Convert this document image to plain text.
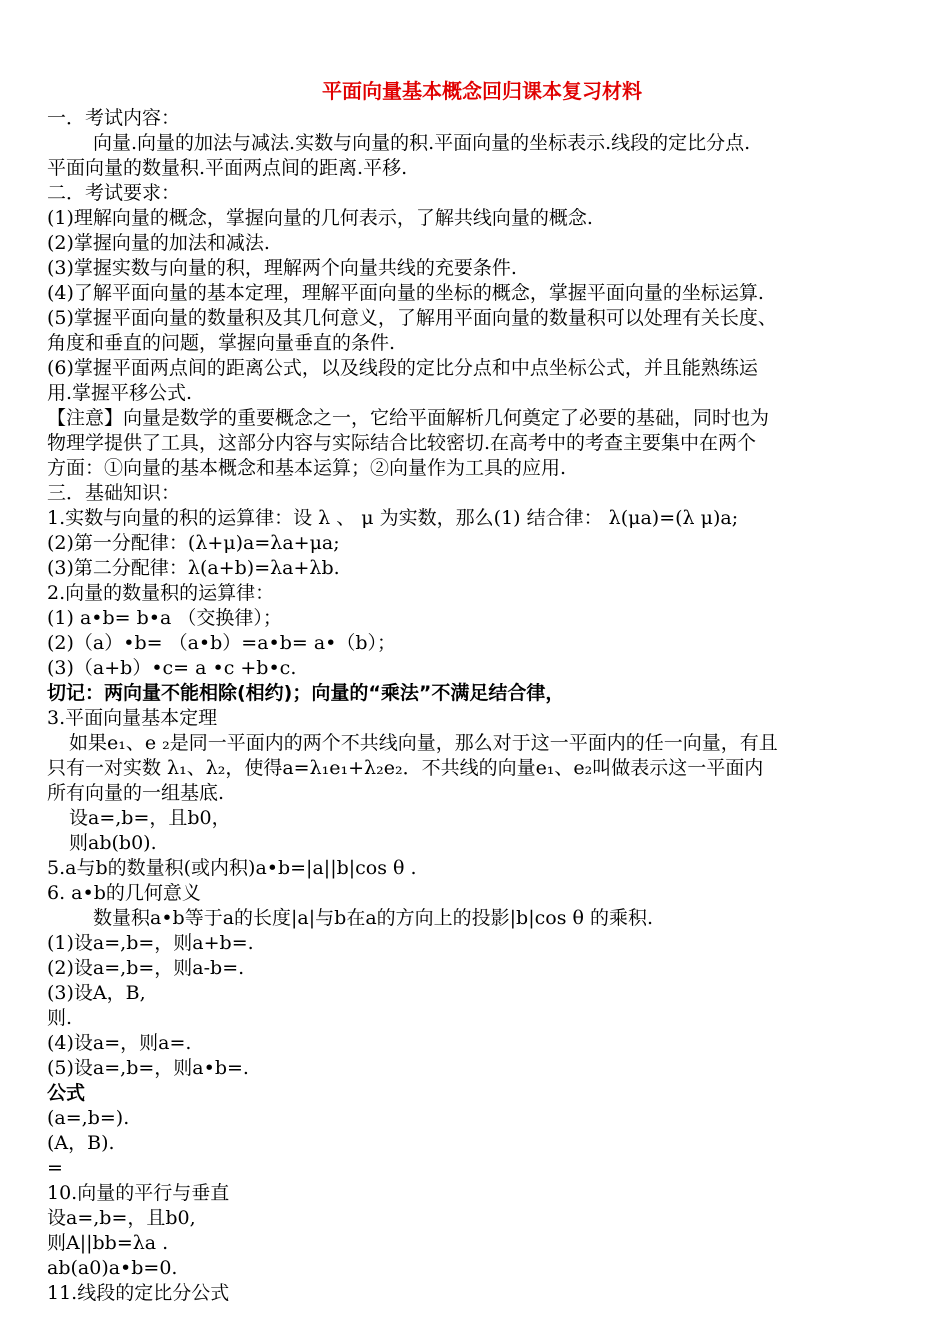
平面向量基本概念回归课本复习材料
一．考试内容：
向量.向量的加法与减法.实数与向量的积.平面向量的坐标表示.线段的定比分点.
平面向量的数量积.平面两点间的距离.平移.
二．考试要求：
(1)理解向量的概念，掌握向量的几何表示，了解共线向量的概念.
(2)掌握向量的加法和减法.
(3)掌握实数与向量的积，理解两个向量共线的充要条件.
(4)了解平面向量的基本定理，理解平面向量的坐标的概念，掌握平面向量的坐标运算.
(5)掌握平面向量的数量积及其几何意义，了解用平面向量的数量积可以处理有关长度、
角度和垂直的问题，掌握向量垂直的条件.
(6)掌握平面两点间的距离公式，以及线段的定比分点和中点坐标公式，并且能熟练运
用.掌握平移公式.
【注意】向量是数学的重要概念之一，它给平面解析几何奠定了必要的基础，同时也为
物理学提供了工具，这部分内容与实际结合比较密切.在高考中的考查主要集中在两个
方面：①向量的基本概念和基本运算；②向量作为工具的应用.
三．基础知识：
1.实数与向量的积的运算律：设 λ 、 μ 为实数，那么(1) 结合律： λ(μa)=(λ μ)a;
(2)第一分配律：(λ+μ)a=λa+μa;
(3)第二分配律：λ(a+b)=λa+λb.
2.向量的数量积的运算律：
(1) a•b= b•a （交换律）；
(2)（a）•b= （a•b）=a•b= a•（b）；
(3)（a+b）•c= a •c +b•c.
切记：两向量不能相除(相约)；向量的“乘法”不满足结合律，
3.平面向量基本定理
如果e₁、e ₂是同一平面内的两个不共线向量，那么对于这一平面内的任一向量，有且
只有一对实数 λ₁、λ₂，使得a=λ₁e₁+λ₂e₂．不共线的向量e₁、e₂叫做表示这一平面内
所有向量的一组基底.
设a=,b=，且b0，
则ab(b0).
5.a与b的数量积(或内积)a•b=|a||b|cos θ .
6. a•b的几何意义
数量积a•b等于a的长度|a|与b在a的方向上的投影|b|cos θ 的乘积.
(1)设a=,b=，则a+b=.
(2)设a=,b=，则a-b=.
(3)设A，B,
则.
(4)设a=，则a=.
(5)设a=,b=，则a•b=.
公式
(a=,b=).
(A，B).
=
10.向量的平行与垂直
设a=,b=，且b0,
则A||bb=λa .
ab(a0)a•b=0.
11.线段的定比分公式
